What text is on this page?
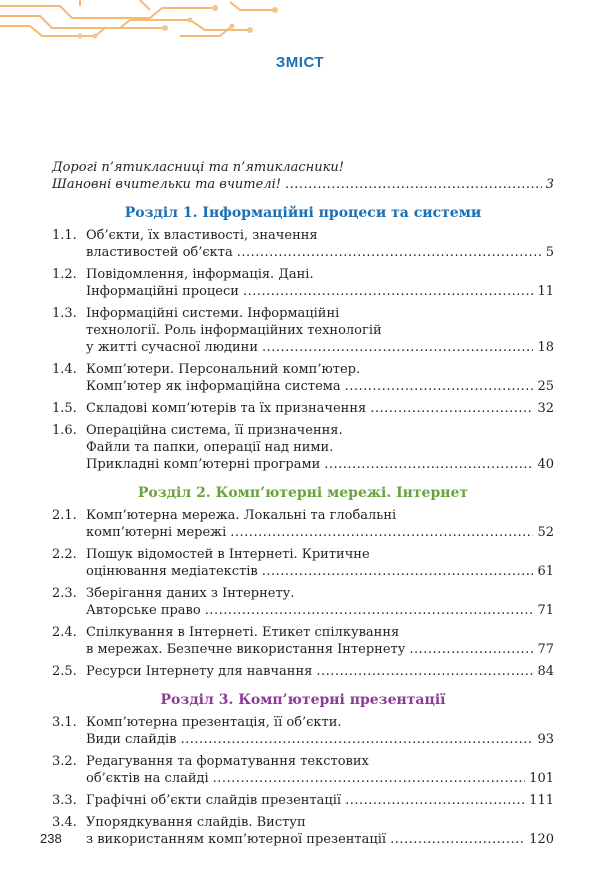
ЗМІСТ
Дорогі п’ятикласниці та п’ятикласники!
Шановні вчительки та вчителі! .....	3
Розділ 1. Інформаційні процеси та системи
1.1. Об’єкти, їх властивості, значення
властивостей об’єкта .....	5
1.2. Повідомлення, інформація. Дані.
Інформаційні процеси .....	11
1.3. Інформаційні системи. Інформаційні
технології. Роль інформаційних технологій
у житті сучасної людини .....	18
1.4. Комп’ютери. Персональний комп’ютер.
Комп’ютер як інформаційна система .....	25
1.5. Складові комп’ютерів та їх призначення .....	32
1.6. Операційна система, її призначення.
Файли та папки, операції над ними.
Прикладні комп’ютерні програми .....	40
Розділ 2. Комп’ютерні мережі. Інтернет
2.1. Комп’ютерна мережа. Локальні та глобальні
комп’ютерні мережі .....	52
2.2. Пошук відомостей в Інтернеті. Критичне
оцінювання медіатекстів .....	61
2.3. Зберігання даних з Інтернету.
Авторське право .....	71
2.4. Спілкування в Інтернеті. Етикет спілкування
в мережах. Безпечне використання Інтернету .....	77
2.5. Ресурси Інтернету для навчання .....	84
Розділ 3. Комп’ютерні презентації
3.1. Комп’ютерна презентація, її об’єкти.
Види слайдів .....	93
3.2. Редагування та форматування текстових
об’єктів на слайді .....	101
3.3. Графічні об’єкти слайдів презентації .....	111
3.4. Упорядкування слайдів. Виступ
з використанням комп’ютерної презентації .....	120
238
